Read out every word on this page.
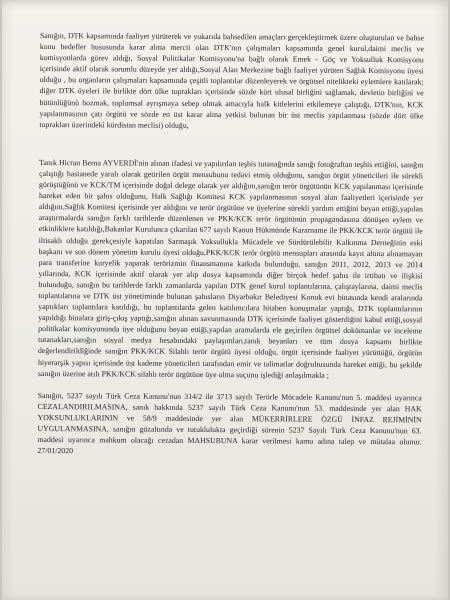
Sanığın, DTK kapsamında faaliyet yürüterek ve yukarıda bahsedilen amaçları gerçekleştirmek üzere oluşturulan ve bahse konu hedefler hususunda karar alma mercii olan DTK'nın çalışmaları kapsamında genel kurul,daimi meclis ve komisyonlarda görev aldığı, Sosyal Politikalar Komisyonu'na bağlı olarak Emek - Göç ve Yoksulluk Komisyonu içerisinde aktif olarak sorumlu düzeyde yer aldığı,Sosyal Alan Merkezine bağlı faaliyet yürüten Sağlık Komisyonu üyesi olduğu , bu organların çalışmaları kapsamında çeşitli toplantılar düzenleyerek ve örgütsel nitelikteki eylemlere katılarak; diğer DTK üyeleri ile birlikte dört ülke toprakları içerisinde sözde kürt ulusal birliğini sağlamak, devletin birliğini ve bütünlüğünü bozmak, toplumsal ayrışmaya sebep olmak amacıyla halk kitlelerini etkilemeye çalıştığı, DTK'nın, KCK yapılanmasının çatı örgütü ve sözde en üst karar alma yetkisi bulunan bir üst meclis yapılanması (sözde dört ülke toprakları üzerindeki kürdistan meclisi) olduğu,

Tanık Hicran Berna AYVERDİ'nin alınan ifadesi ve yapılırılan teşhis tutanağında sanığı fotoğraftan teşhis ettiğini, sanığın çalıştığı hastanede yaralı olarak getirilen örgüt mensubunu tedavi etmiş olduğunu, sanığın örgüt yöneticileri ile sürekli görüştüğünü ve KCK/TM içerisinde doğal delege olarak yer aldığını,sanığın terör örgütünün KCK yapılanması içerisinde hareket eden bir şahıs olduğunu, Halk Sağlığı Komitesi KCK yapılanmasının sosyal alan faaliyetleri içerisinde yer aldığını,Sağlık Komitesi içerisinde yer aldığını ve terör örgütüne ve üyelerine sürekli yardım ettiğini beyan ettiği,yapılan araştırmalarda sanığın farklı tarihlerde düzenlenen ve PKK/KCK terör örgütünün propagandasına dönüşen eylem ve etkinliklere katıldığı,Bakanlar Kurulunca çıkarılan 677 sayılı Kanun Hükmünde Kararname ile PKK/KCK terör örgütü ile iltisaklı olduğu gerekçesiyle kapatılan Sarmaşık Yoksullukla Mücadele ve Sürdürülebilir Kalkınma Derneğinin eski başkanı ve son dönem yönetim kurulu üyesi olduğu,PKK/KCK terör örgütü mensupları arasında kayıt altına alınamayan para transferine kuryelik yaparak terörizmin finansmanına katkıda bulunduğu, sanığın 2011, 2012, 2013 ve 2014 yıllarında, KCK içerisinde aktif olarak yer alıp dosya kapsamında diğer birçok hedef şahıs ile irtibatı ve ilişkisi bulunduğu, sanığın bu tarihlerde farklı zamanlarda yapılan DTK genel kurul toplantılarına, çalıştaylarına, daimi meclis toplantılarına ve DTK üst yönetiminde bulunan şahısların Diyarbakır Belediyesi Konuk evi binasında kendi aralarında yaptıkları toplantılara katıldığı, bu toplantılarda gelen katılımcılara hitaben konuşmalar yaptığı, DTK toplantılarının yapıldığı binalara giriş-çıkış yaptığı,sanığın alınan savunmasında DTK içerisinde faaliyet gösterdiğini kabul ettiği,sosyal politikalar komisyonunda üye olduğunu beyan ettiği,yapılan aramalarda ele geçirilen örgütsel dokümanlar ve inceleme tutanakları,sanığın sosyal medya hesabındaki paylaşımları,tanık beyanları ve tüm dosya kapsamı birlikte değerlendirildiğinde sanığın PKK/KCK Silahlı terör örgütü üyesi olduğu, örgüt içerisinde faaliyet yürüttüğü, örgütün hiyerarşik yapısı içerisinde üst kademe yöneticileri tarafından emir ve talimatlar doğrultusunda hareket ettiği, bu şekilde sanığın üzerine atılı PKK/KCK silahlı terör örgütüne üye olma suçunu işlediği anlaşılmakla ;

Sanığın, 5237 sayılı Türk Ceza Kanunu'nun 314/2 ile 3713 sayılı Terörle Mücadele Kanunu'nun 5. maddesi uyarınca CEZALANDIRILMASINA, sanık hakkında 5237 sayılı Türk Ceza Kanunu'nun 53. maddesinde yer alan HAK YOKSUNLUKLARININ ve 58/9 maddesinde yer alan MÜKERRİRLERE ÖZGÜ İNFAZ REJİMİNİN UYGULANMASINA, sanığın gözaltında ve tutukluluktа geçirdiği sürenin 5237 Sayılı Türk Ceza Kanunu'nun 63. maddesi uyarınca mahkum olacağı cezadan MAHSUBUNA karar verilmesi kamu adına talep ve mütalaa olunur. 27/01/2020
